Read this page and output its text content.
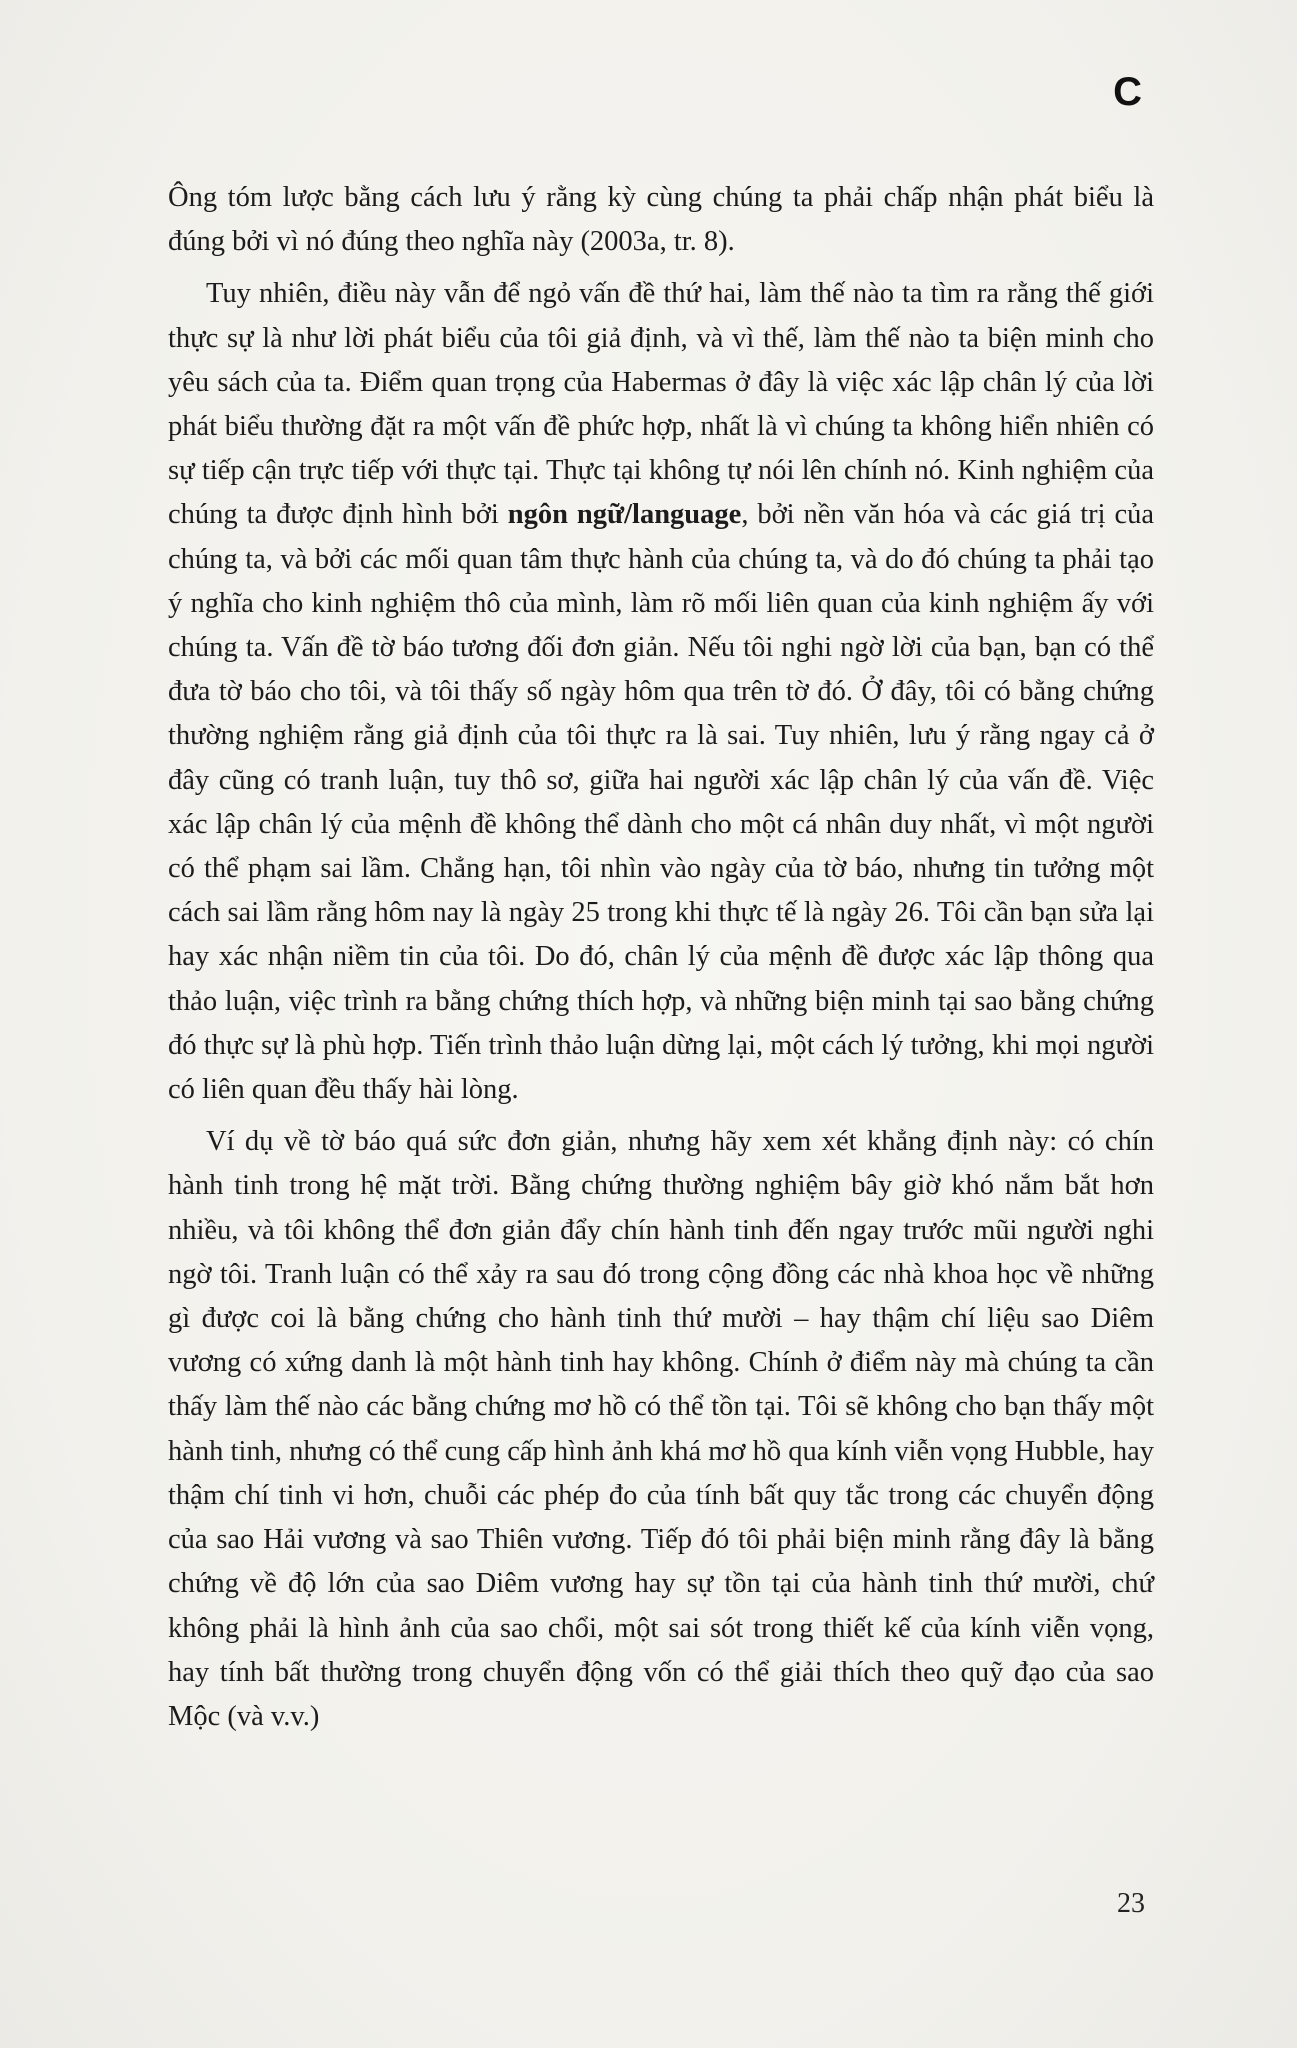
C

Ông tóm lược bằng cách lưu ý rằng kỳ cùng chúng ta phải chấp nhận phát biểu là đúng bởi vì nó đúng theo nghĩa này (2003a, tr. 8).

Tuy nhiên, điều này vẫn để ngỏ vấn đề thứ hai, làm thế nào ta tìm ra rằng thế giới thực sự là như lời phát biểu của tôi giả định, và vì thế, làm thế nào ta biện minh cho yêu sách của ta. Điểm quan trọng của Habermas ở đây là việc xác lập chân lý của lời phát biểu thường đặt ra một vấn đề phức hợp, nhất là vì chúng ta không hiển nhiên có sự tiếp cận trực tiếp với thực tại. Thực tại không tự nói lên chính nó. Kinh nghiệm của chúng ta được định hình bởi ngôn ngữ/language, bởi nền văn hóa và các giá trị của chúng ta, và bởi các mối quan tâm thực hành của chúng ta, và do đó chúng ta phải tạo ý nghĩa cho kinh nghiệm thô của mình, làm rõ mối liên quan của kinh nghiệm ấy với chúng ta. Vấn đề tờ báo tương đối đơn giản. Nếu tôi nghi ngờ lời của bạn, bạn có thể đưa tờ báo cho tôi, và tôi thấy số ngày hôm qua trên tờ đó. Ở đây, tôi có bằng chứng thường nghiệm rằng giả định của tôi thực ra là sai. Tuy nhiên, lưu ý rằng ngay cả ở đây cũng có tranh luận, tuy thô sơ, giữa hai người xác lập chân lý của vấn đề. Việc xác lập chân lý của mệnh đề không thể dành cho một cá nhân duy nhất, vì một người có thể phạm sai lầm. Chẳng hạn, tôi nhìn vào ngày của tờ báo, nhưng tin tưởng một cách sai lầm rằng hôm nay là ngày 25 trong khi thực tế là ngày 26. Tôi cần bạn sửa lại hay xác nhận niềm tin của tôi. Do đó, chân lý của mệnh đề được xác lập thông qua thảo luận, việc trình ra bằng chứng thích hợp, và những biện minh tại sao bằng chứng đó thực sự là phù hợp. Tiến trình thảo luận dừng lại, một cách lý tưởng, khi mọi người có liên quan đều thấy hài lòng.

Ví dụ về tờ báo quá sức đơn giản, nhưng hãy xem xét khẳng định này: có chín hành tinh trong hệ mặt trời. Bằng chứng thường nghiệm bây giờ khó nắm bắt hơn nhiều, và tôi không thể đơn giản đẩy chín hành tinh đến ngay trước mũi người nghi ngờ tôi. Tranh luận có thể xảy ra sau đó trong cộng đồng các nhà khoa học về những gì được coi là bằng chứng cho hành tinh thứ mười – hay thậm chí liệu sao Diêm vương có xứng danh là một hành tinh hay không. Chính ở điểm này mà chúng ta cần thấy làm thế nào các bằng chứng mơ hồ có thể tồn tại. Tôi sẽ không cho bạn thấy một hành tinh, nhưng có thể cung cấp hình ảnh khá mơ hồ qua kính viễn vọng Hubble, hay thậm chí tinh vi hơn, chuỗi các phép đo của tính bất quy tắc trong các chuyển động của sao Hải vương và sao Thiên vương. Tiếp đó tôi phải biện minh rằng đây là bằng chứng về độ lớn của sao Diêm vương hay sự tồn tại của hành tinh thứ mười, chứ không phải là hình ảnh của sao chổi, một sai sót trong thiết kế của kính viễn vọng, hay tính bất thường trong chuyển động vốn có thể giải thích theo quỹ đạo của sao Mộc (và v.v.)

23
